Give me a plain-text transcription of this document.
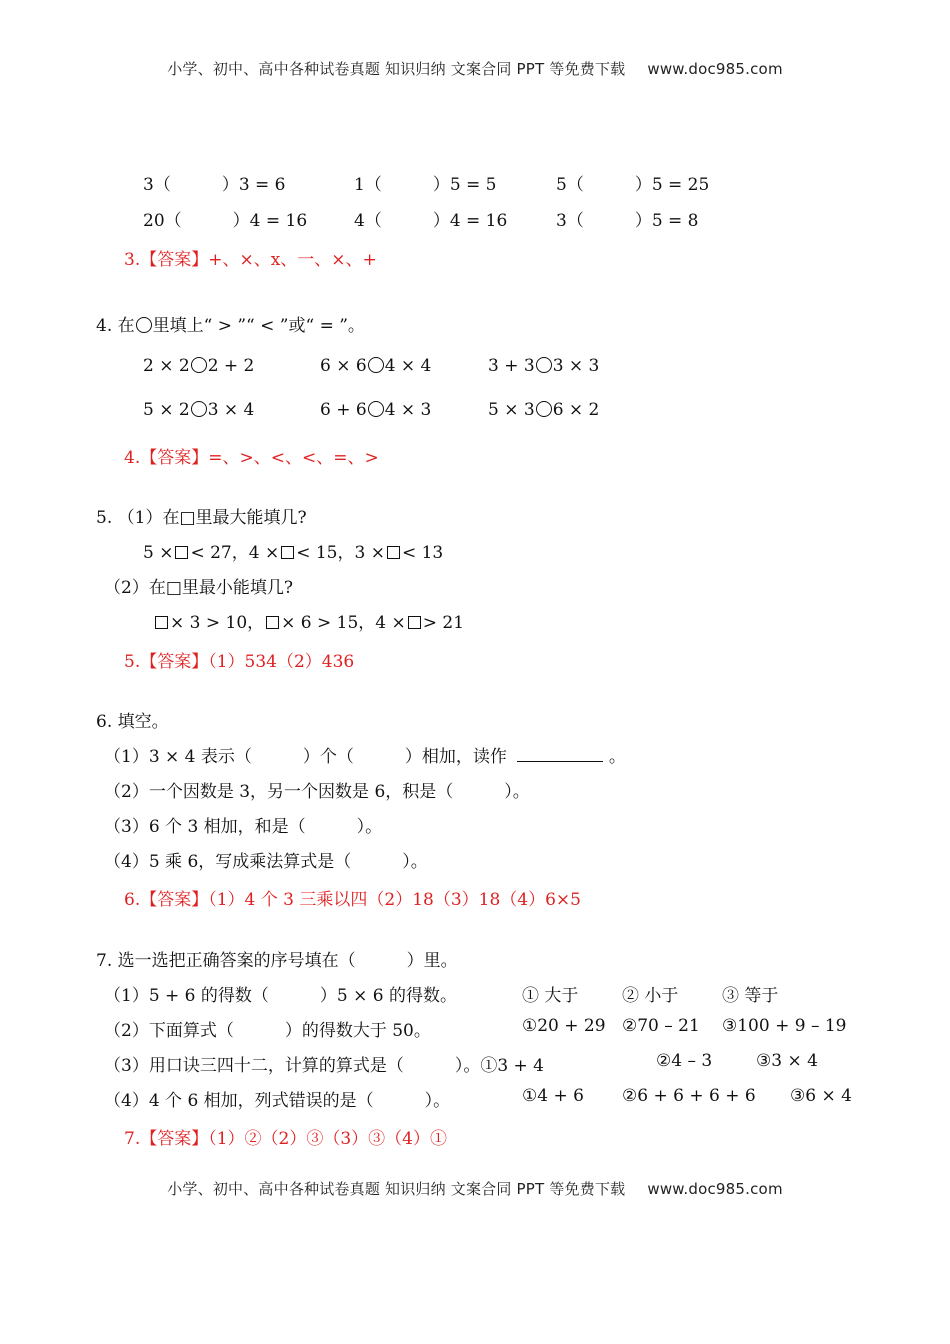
小学、初中、高中各种试卷真题 知识归纳 文案合同 PPT 等免费下载 www.doc985.com
3（　　　）3 = 6	1（　　　）5 = 5	5（　　　）5 = 25
20（　　　）4 = 16	4（　　　）4 = 16	3（　　　）5 = 8
3.【答案】+、×、x、一、×、+
4. 在 里填上“ > ”“ < ”或“ = ”。
2 × 2 2 + 2	6 × 6 4 × 4	3 + 3 3 × 3
5 × 2 3 × 4	6 + 6 4 × 3	5 × 3 6 × 2
4.【答案】=、>、<、<、=、>
5. （1）在□里最大能填几?
5 × < 27，4 × < 15，3 × < 13
（2）在□里最小能填几?
× 3 > 10， × 6 > 15，4 × > 21
5.【答案】（1）534（2）436
6. 填空。
（1）3 × 4 表示（　　　）个（　　　）相加，读作	。
（2）一个因数是 3，另一个因数是 6，积是（　　　）。
（3）6 个 3 相加，和是（　　　）。
（4）5 乘 6，写成乘法算式是（　　　）。
6.【答案】（1）4 个 3 三乘以四（2）18（3）18（4）6×5
7. 选一选把正确答案的序号填在（　　　）里。
（1）5 + 6 的得数（　　　）5 × 6 的得数。	① 大于	② 小于	③ 等于
（2）下面算式（　　　）的得数大于 50。	①20 + 29 ②70 – 21 ③100 + 9 – 19
（3）用口诀三四十二，计算的算式是（　　　）。①3 + 4	②4 – 3	③3 × 4
（4）4 个 6 相加，列式错误的是（　　　）。	①4 + 6 ②6 + 6 + 6 + 6 ③6 × 4
7.【答案】（1）②（2）③（3）③（4）①
小学、初中、高中各种试卷真题 知识归纳 文案合同 PPT 等免费下载 www.doc985.com
